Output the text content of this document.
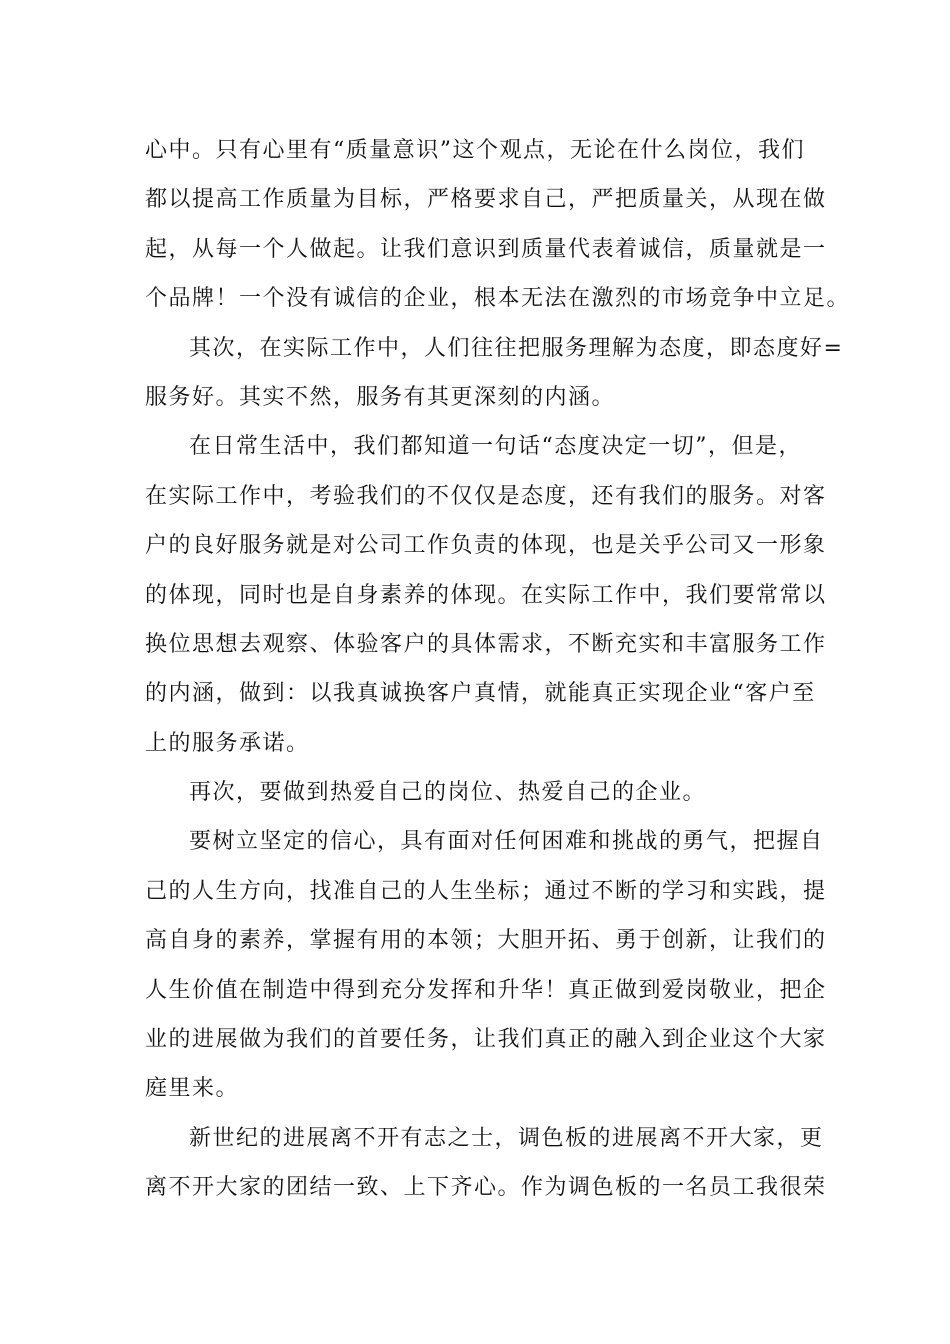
心中。只有心里有“质量意识”这个观点，无论在什么岗位，我们
都以提高工作质量为目标，严格要求自己，严把质量关，从现在做
起，从每一个人做起。让我们意识到质量代表着诚信，质量就是一
个品牌！一个没有诚信的企业，根本无法在激烈的市场竞争中立足。
其次，在实际工作中，人们往往把服务理解为态度，即态度好=
服务好。其实不然，服务有其更深刻的内涵。
在日常生活中，我们都知道一句话“态度决定一切”，但是，
在实际工作中，考验我们的不仅仅是态度，还有我们的服务。对客
户的良好服务就是对公司工作负责的体现，也是关乎公司又一形象
的体现，同时也是自身素养的体现。在实际工作中，我们要常常以
换位思想去观察、体验客户的具体需求，不断充实和丰富服务工作
的内涵，做到：以我真诚换客户真情，就能真正实现企业“客户至
上的服务承诺。
再次，要做到热爱自己的岗位、热爱自己的企业。
要树立坚定的信心，具有面对任何困难和挑战的勇气，把握自
己的人生方向，找准自己的人生坐标；通过不断的学习和实践，提
高自身的素养，掌握有用的本领；大胆开拓、勇于创新，让我们的
人生价值在制造中得到充分发挥和升华！真正做到爱岗敬业，把企
业的进展做为我们的首要任务，让我们真正的融入到企业这个大家
庭里来。
新世纪的进展离不开有志之士，调色板的进展离不开大家，更
离不开大家的团结一致、上下齐心。作为调色板的一名员工我很荣
